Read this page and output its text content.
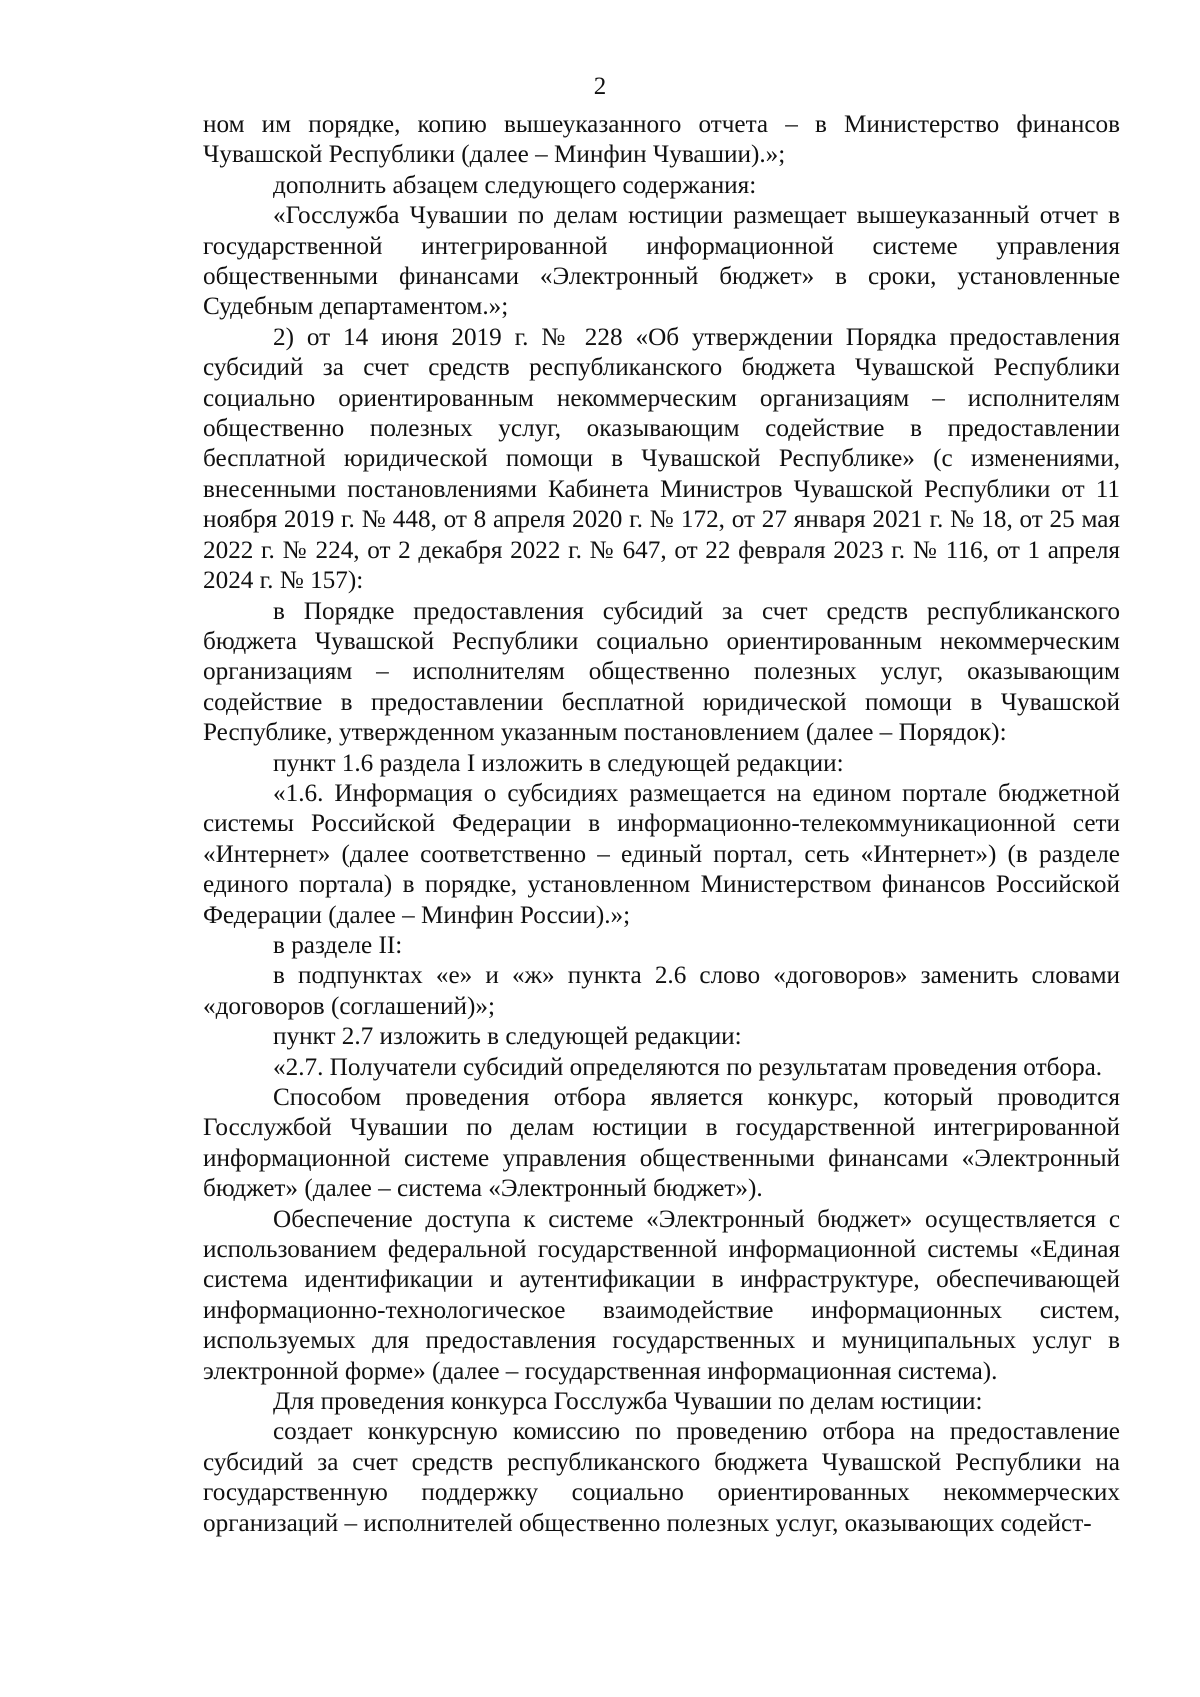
2

ном им порядке, копию вышеуказанного отчета – в Министерство финансов Чувашской Республики (далее – Минфин Чувашии).»;

дополнить абзацем следующего содержания:

«Госслужба Чувашии по делам юстиции размещает вышеуказанный отчет в государственной интегрированной информационной системе управления общественными финансами «Электронный бюджет» в сроки, установленные Судебным департаментом.»;

2) от 14 июня 2019 г. № 228 «Об утверждении Порядка предоставления субсидий за счет средств республиканского бюджета Чувашской Республики социально ориентированным некоммерческим организациям – исполнителям общественно полезных услуг, оказывающим содействие в предоставлении бесплатной юридической помощи в Чувашской Республике» (с изменениями, внесенными постановлениями Кабинета Министров Чувашской Республики от 11 ноября 2019 г. № 448, от 8 апреля 2020 г. № 172, от 27 января 2021 г. № 18, от 25 мая 2022 г. № 224, от 2 декабря 2022 г. № 647, от 22 февраля 2023 г. № 116, от 1 апреля 2024 г. № 157):

в Порядке предоставления субсидий за счет средств республиканского бюджета Чувашской Республики социально ориентированным некоммерческим организациям – исполнителям общественно полезных услуг, оказывающим содействие в предоставлении бесплатной юридической помощи в Чувашской Республике, утвержденном указанным постановлением (далее – Порядок):

пункт 1.6 раздела I изложить в следующей редакции:

«1.6. Информация о субсидиях размещается на едином портале бюджетной системы Российской Федерации в информационно-телекоммуникационной сети «Интернет» (далее соответственно – единый портал, сеть «Интернет») (в разделе единого портала) в порядке, установленном Министерством финансов Российской Федерации (далее – Минфин России).»;

в разделе II:

в подпунктах «е» и «ж» пункта 2.6 слово «договоров» заменить словами «договоров (соглашений)»;

пункт 2.7 изложить в следующей редакции:

«2.7. Получатели субсидий определяются по результатам проведения отбора.

Способом проведения отбора является конкурс, который проводится Госслужбой Чувашии по делам юстиции в государственной интегрированной информационной системе управления общественными финансами «Электронный бюджет» (далее – система «Электронный бюджет»).

Обеспечение доступа к системе «Электронный бюджет» осуществляется с использованием федеральной государственной информационной системы «Единая система идентификации и аутентификации в инфраструктуре, обеспечивающей информационно-технологическое взаимодействие информационных систем, используемых для предоставления государственных и муниципальных услуг в электронной форме» (далее – государственная информационная система).

Для проведения конкурса Госслужба Чувашии по делам юстиции:

создает конкурсную комиссию по проведению отбора на предоставление субсидий за счет средств республиканского бюджета Чувашской Республики на государственную поддержку социально ориентированных некоммерческих организаций – исполнителей общественно полезных услуг, оказывающих содейст-
